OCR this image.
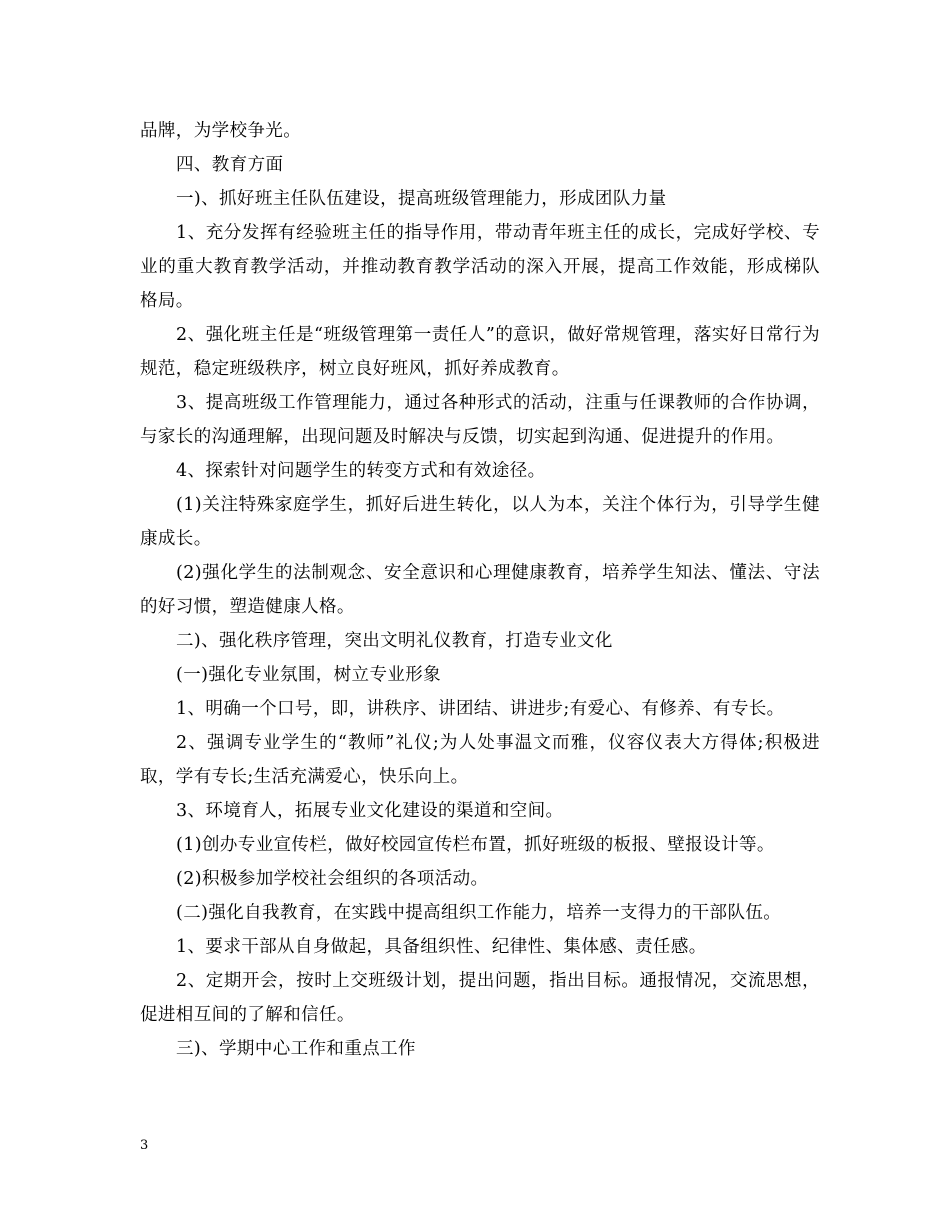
品牌，为学校争光。

四、教育方面

一)、抓好班主任队伍建设，提高班级管理能力，形成团队力量

1、充分发挥有经验班主任的指导作用，带动青年班主任的成长，完成好学校、专业的重大教育教学活动，并推动教育教学活动的深入开展，提高工作效能，形成梯队格局。

2、强化班主任是“班级管理第一责任人”的意识，做好常规管理，落实好日常行为规范，稳定班级秩序，树立良好班风，抓好养成教育。

3、提高班级工作管理能力，通过各种形式的活动，注重与任课教师的合作协调，与家长的沟通理解，出现问题及时解决与反馈，切实起到沟通、促进提升的作用。

4、探索针对问题学生的转变方式和有效途径。

(1)关注特殊家庭学生，抓好后进生转化，以人为本，关注个体行为，引导学生健康成长。

(2)强化学生的法制观念、安全意识和心理健康教育，培养学生知法、懂法、守法的好习惯，塑造健康人格。

二)、强化秩序管理，突出文明礼仪教育，打造专业文化

(一)强化专业氛围，树立专业形象

1、明确一个口号，即，讲秩序、讲团结、讲进步;有爱心、有修养、有专长。

2、强调专业学生的“教师”礼仪;为人处事温文而雅，仪容仪表大方得体;积极进取，学有专长;生活充满爱心，快乐向上。

3、环境育人，拓展专业文化建设的渠道和空间。

(1)创办专业宣传栏，做好校园宣传栏布置，抓好班级的板报、壁报设计等。

(2)积极参加学校社会组织的各项活动。

(二)强化自我教育，在实践中提高组织工作能力，培养一支得力的干部队伍。

1、要求干部从自身做起，具备组织性、纪律性、集体感、责任感。

2、定期开会，按时上交班级计划，提出问题，指出目标。通报情况，交流思想，促进相互间的了解和信任。

三)、学期中心工作和重点工作

3
